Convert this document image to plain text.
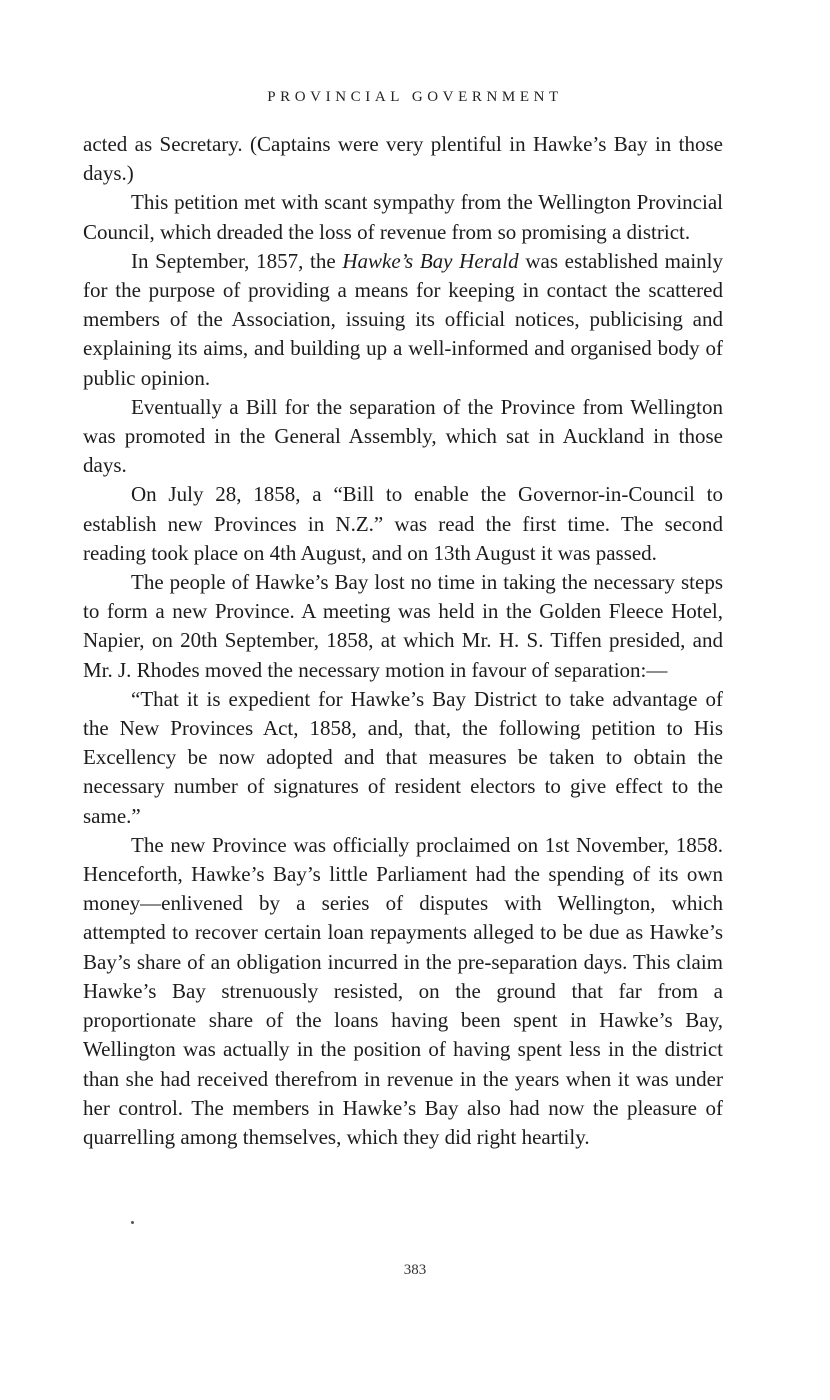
PROVINCIAL GOVERNMENT

acted as Secretary. (Captains were very plentiful in Hawke’s Bay in those days.)

This petition met with scant sympathy from the Wellington Provincial Council, which dreaded the loss of revenue from so promising a district.

In September, 1857, the Hawke’s Bay Herald was established mainly for the purpose of providing a means for keeping in contact the scattered members of the Association, issuing its official notices, publicising and explaining its aims, and building up a well-informed and organised body of public opinion.

Eventually a Bill for the separation of the Province from Wellington was promoted in the General Assembly, which sat in Auckland in those days.

On July 28, 1858, a “Bill to enable the Governor-in-Council to establish new Provinces in N.Z.” was read the first time. The second reading took place on 4th August, and on 13th August it was passed.

The people of Hawke’s Bay lost no time in taking the necessary steps to form a new Province. A meeting was held in the Golden Fleece Hotel, Napier, on 20th September, 1858, at which Mr. H. S. Tiffen presided, and Mr. J. Rhodes moved the necessary motion in favour of separation:—

“That it is expedient for Hawke’s Bay District to take advantage of the New Provinces Act, 1858, and, that, the following petition to His Excellency be now adopted and that measures be taken to obtain the necessary number of signatures of resident electors to give effect to the same.”

The new Province was officially proclaimed on 1st November, 1858. Henceforth, Hawke’s Bay’s little Parliament had the spending of its own money—enlivened by a series of disputes with Wellington, which attempted to recover certain loan repayments alleged to be due as Hawke’s Bay’s share of an obligation incurred in the pre-separation days. This claim Hawke’s Bay strenuously resisted, on the ground that far from a proportionate share of the loans having been spent in Hawke’s Bay, Wellington was actually in the position of having spent less in the district than she had received therefrom in revenue in the years when it was under her control. The members in Hawke’s Bay also had now the pleasure of quarrelling among themselves, which they did right heartily.

383
